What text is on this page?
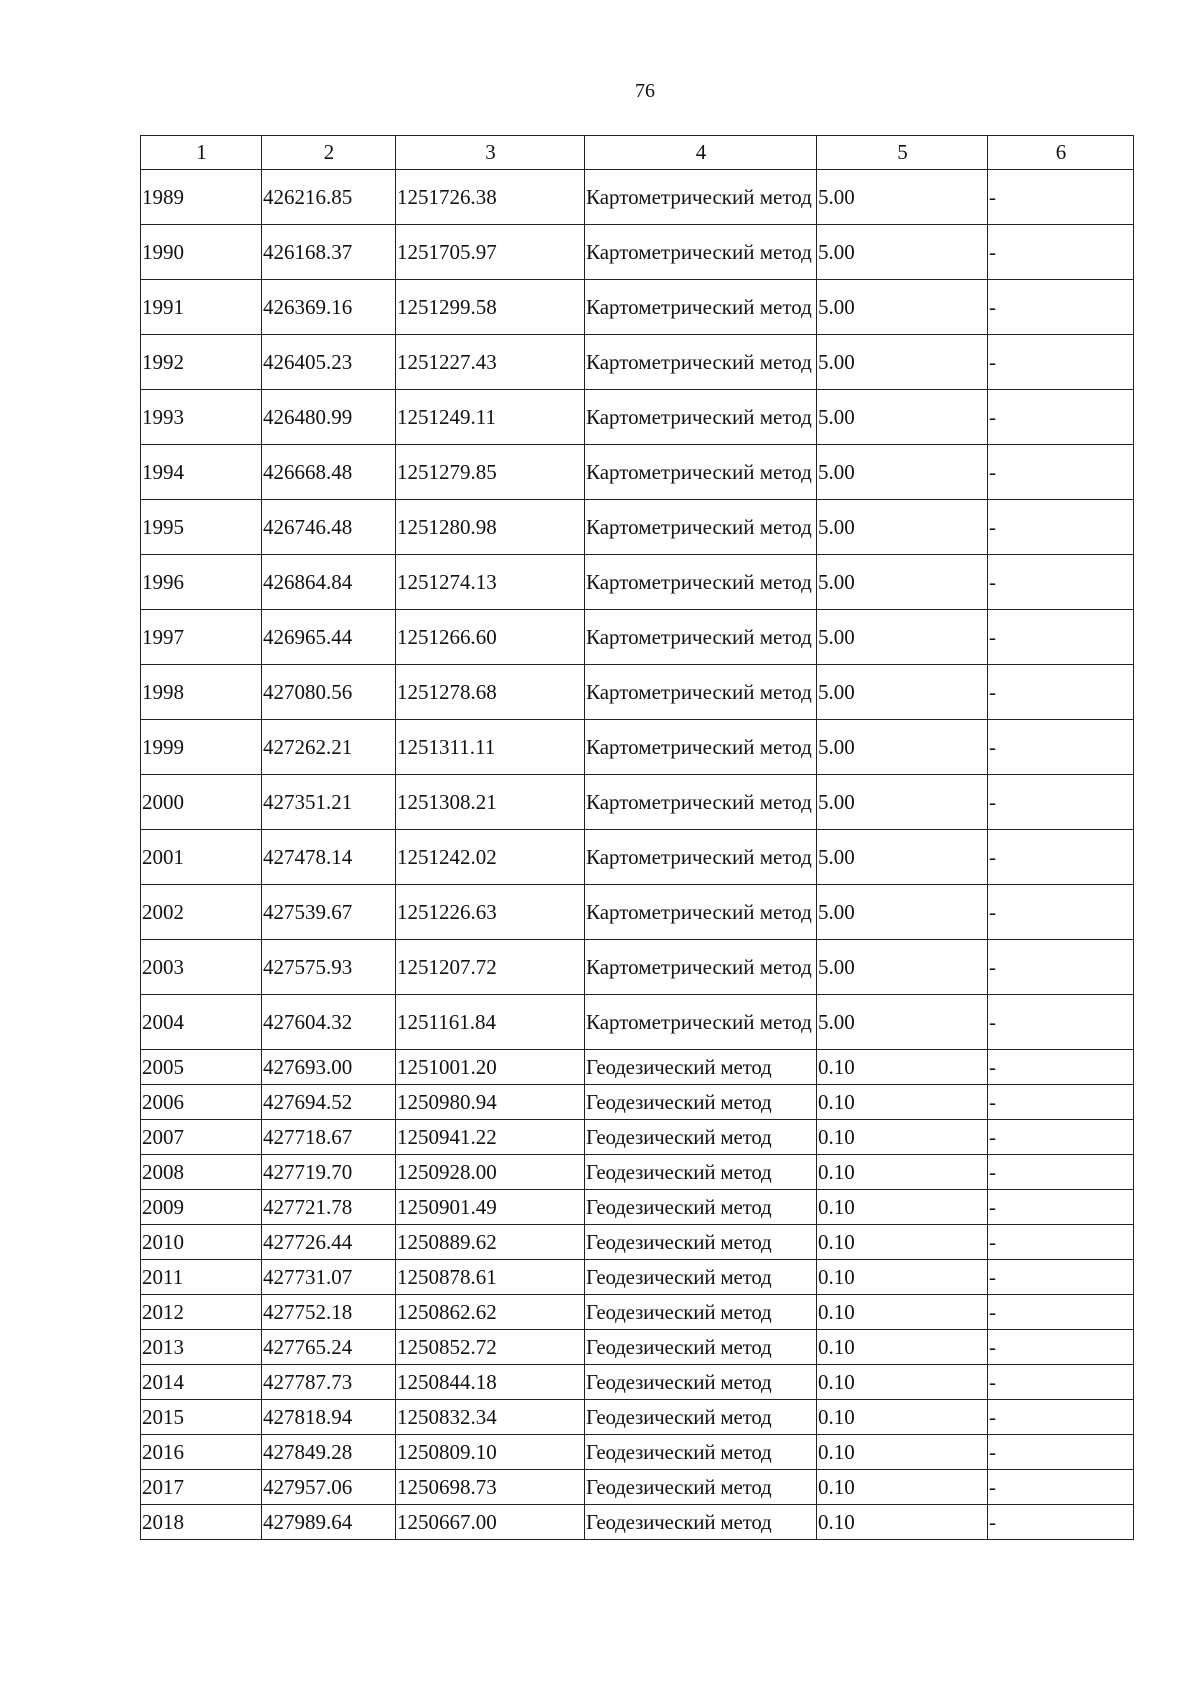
76
1	2	3	4	5	6
1989	426216.85	1251726.38	Картометрический метод	5.00	-
1990	426168.37	1251705.97	Картометрический метод	5.00	-
1991	426369.16	1251299.58	Картометрический метод	5.00	-
1992	426405.23	1251227.43	Картометрический метод	5.00	-
1993	426480.99	1251249.11	Картометрический метод	5.00	-
1994	426668.48	1251279.85	Картометрический метод	5.00	-
1995	426746.48	1251280.98	Картометрический метод	5.00	-
1996	426864.84	1251274.13	Картометрический метод	5.00	-
1997	426965.44	1251266.60	Картометрический метод	5.00	-
1998	427080.56	1251278.68	Картометрический метод	5.00	-
1999	427262.21	1251311.11	Картометрический метод	5.00	-
2000	427351.21	1251308.21	Картометрический метод	5.00	-
2001	427478.14	1251242.02	Картометрический метод	5.00	-
2002	427539.67	1251226.63	Картометрический метод	5.00	-
2003	427575.93	1251207.72	Картометрический метод	5.00	-
2004	427604.32	1251161.84	Картометрический метод	5.00	-
2005	427693.00	1251001.20	Геодезический метод	0.10	-
2006	427694.52	1250980.94	Геодезический метод	0.10	-
2007	427718.67	1250941.22	Геодезический метод	0.10	-
2008	427719.70	1250928.00	Геодезический метод	0.10	-
2009	427721.78	1250901.49	Геодезический метод	0.10	-
2010	427726.44	1250889.62	Геодезический метод	0.10	-
2011	427731.07	1250878.61	Геодезический метод	0.10	-
2012	427752.18	1250862.62	Геодезический метод	0.10	-
2013	427765.24	1250852.72	Геодезический метод	0.10	-
2014	427787.73	1250844.18	Геодезический метод	0.10	-
2015	427818.94	1250832.34	Геодезический метод	0.10	-
2016	427849.28	1250809.10	Геодезический метод	0.10	-
2017	427957.06	1250698.73	Геодезический метод	0.10	-
2018	427989.64	1250667.00	Геодезический метод	0.10	-
